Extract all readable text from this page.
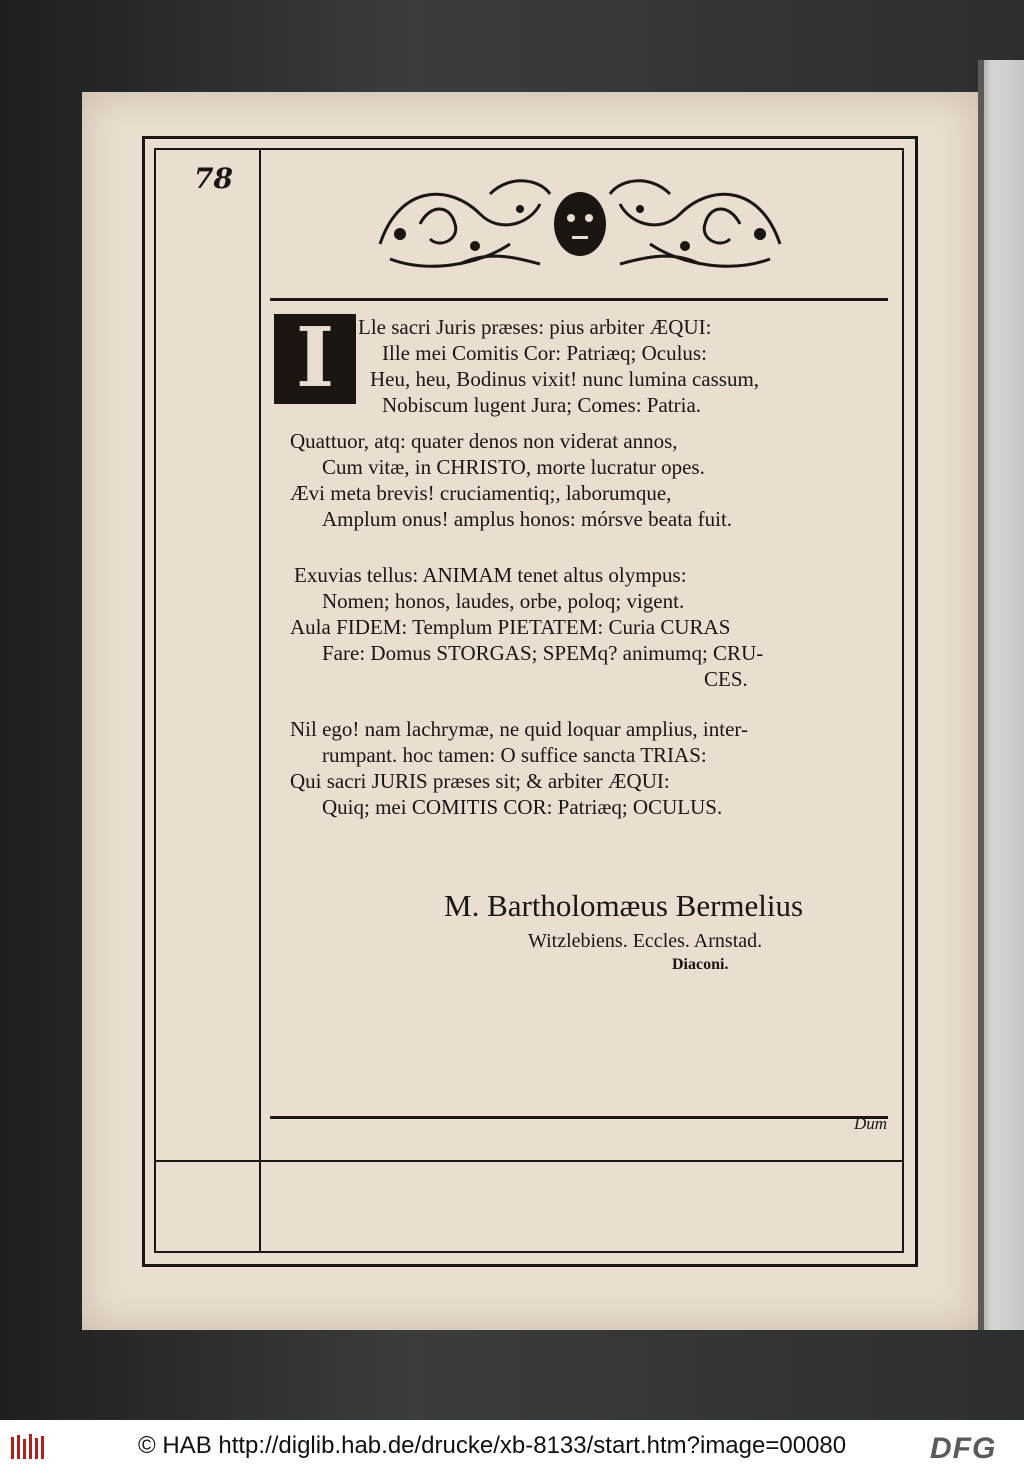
78
I	Lle sacri Juris præses: pius arbiter ÆQUI:
Ille mei Comitis Cor: Patriæq; Oculus:
Heu, heu, Bodinus vixit! nunc lumina cassum,
Nobiscum lugent Jura; Comes: Patria.
Quattuor, atq: quater denos non viderat annos,
Cum vitæ, in CHRISTO, morte lucratur opes.
Ævi meta brevis! cruciamentiq;, laborumque,
Amplum onus! amplus honos: mórsve beata fuit.
Exuvias tellus: ANIMAM tenet altus olympus:
Nomen; honos, laudes, orbe, poloq; vigent.
Aula FIDEM: Templum PIETATEM: Curia CURAS
Fare: Domus STORGAS; SPEMq? animumq; CRU-
CES.
Nil ego! nam lachrymæ, ne quid loquar amplius, inter-
rumpant. hoc tamen: O suffice sancta TRIAS:
Qui sacri JURIS præses sit; & arbiter ÆQUI:
Quiq; mei COMITIS COR: Patriæq; OCULUS.
M. Bartholomæus Bermelius
Witzlebiens. Eccles. Arnstad.
Diaconi.
Dum
© HAB http://diglib.hab.de/drucke/xb-8133/start.htm?image=00080	DFG
